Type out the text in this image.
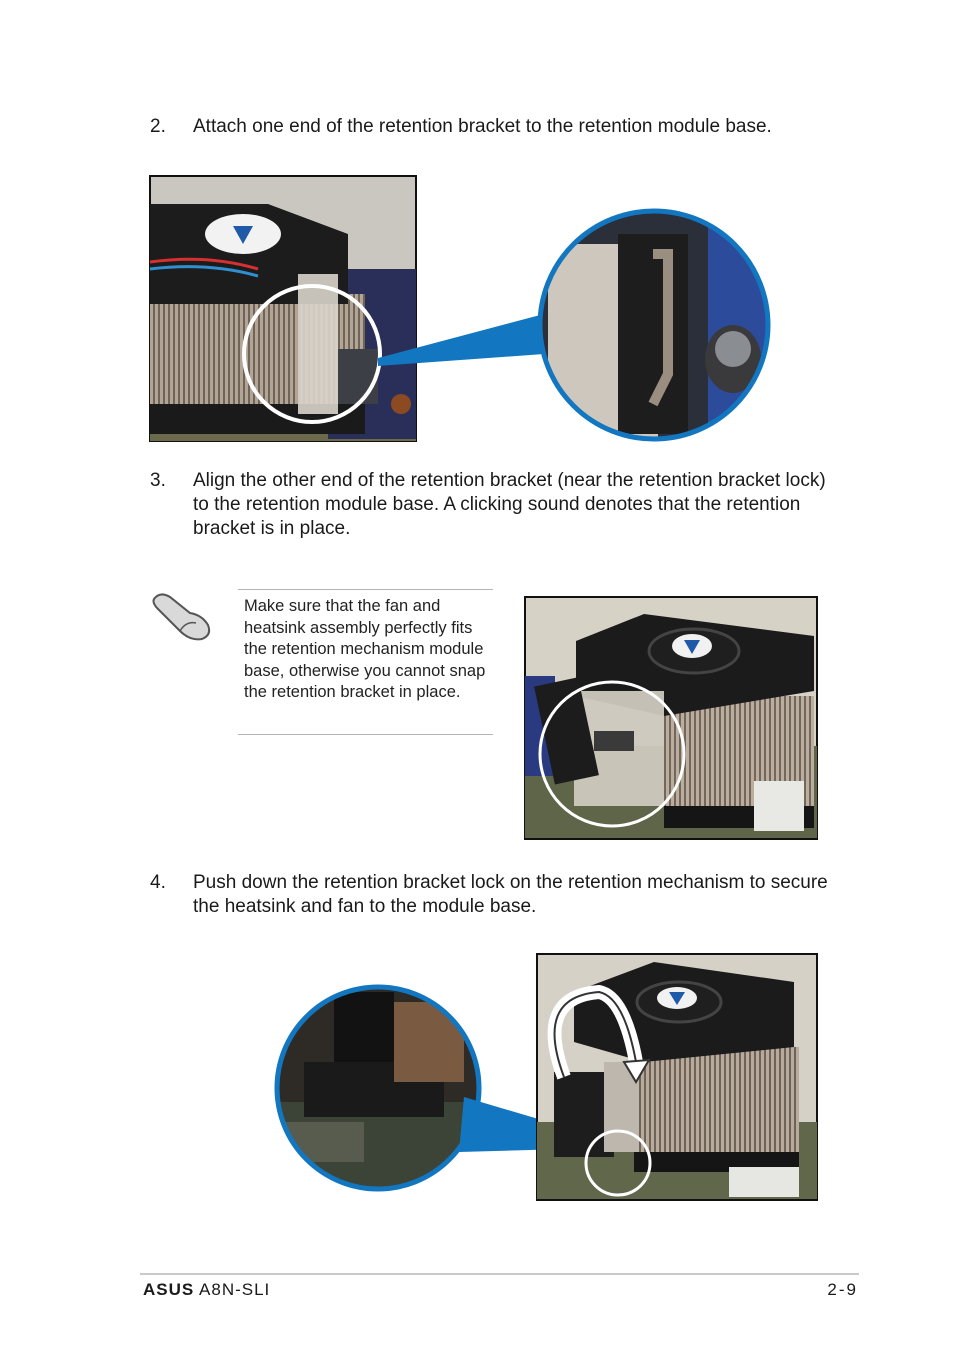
2. Attach one end of the retention bracket to the retention module base.
3. Align the other end of the retention bracket (near the retention bracket lock) to the retention module base. A clicking sound denotes that the retention bracket is in place.
Make sure that the fan and heatsink assembly perfectly fits the retention mechanism module base, otherwise you cannot snap the retention bracket in place.
4. Push down the retention bracket lock on the retention mechanism to secure the heatsink and fan to the module base.
ASUS A8N-SLI	2-9
